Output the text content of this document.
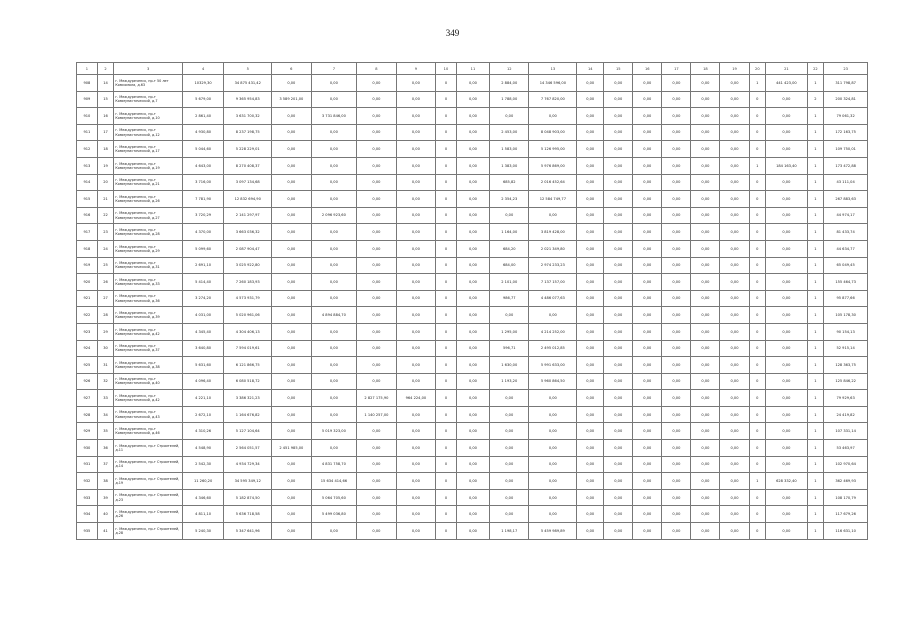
349
1	2	3	4	5	6	7	8	9	10	11	12	13	14	15	16	17	18	19	20	21	22	23
908	14	г. Междуреченск, пр-т 50 лет Комсомола, д.63	10329,30	34 875 431,42	0,00	0,00	0,00	0,00	0	0,00	2 884,00	14 346 596,00	0,00	0,00	0,00	0,00	0,00	0,00	1	441 423,00	1	311 798,87
909	15	г. Междуреченск, пр-т Коммунистический, д.7	5 679,00	9 365 954,83	3 589 201,00	0,00	0,00	0,00	0	0,00	1 788,00	7 767 820,00	0,00	0,00	0,00	0,00	0,00	0,00	0	0,00	2	200 324,81
910	16	г. Междуреченск, пр-т Коммунистический, д.10	2 861,40	3 631 700,32	0,00	3 731 846,00	0,00	0,00	0	0,00	0,00	0,00	0,00	0,00	0,00	0,00	0,00	0,00	0	0,00	1	79 061,32
911	17	г. Междуреченск, пр-т Коммунистический, д.12	4 930,80	8 237 198,75	0,00	0,00	0,00	0,00	0	0,00	2 453,00	8 048 903,00	0,00	0,00	0,00	0,00	0,00	0,00	0	0,00	1	172 163,75
912	18	г. Междуреченск, пр-т Коммунистический, д.17	5 044,60	5 228 229,01	0,00	0,00	0,00	0,00	0	0,00	1 583,00	5 126 995,00	0,00	0,00	0,00	0,00	0,00	0,00	0	0,00	1	109 750,01
913	19	г. Междуреченск, пр-т Коммунистический, д.19	4 643,00	8 270 408,37	0,00	0,00	0,00	0,00	0	0,00	1 383,00	5 976 869,00	0,00	0,00	0,00	0,00	0,00	0,00	1	184 163,40	1	173 472,88
914	20	г. Междуреченск, пр-т Коммунистический, д.21	3 716,00	3 097 134,68	0,00	0,00	0,00	0,00	0	0,00	685,82	2 016 452,64	0,00	0,00	0,00	0,00	0,00	0,00	0	0,00	1	43 111,04
915	21	г. Междуреченск, пр-т Коммунистический, д.26	7 781,90	12 832 694,90	0,00	0,00	0,00	0,00	0	0,00	2 354,23	12 584 749,77	0,00	0,00	0,00	0,00	0,00	0,00	0	0,00	1	267 883,63
916	22	г. Междуреченск, пр-т Коммунистический, д.27	3 720,29	2 141 297,97	0,00	2 096 923,60	0,00	0,00	0	0,00	0,00	0,00	0,00	0,00	0,00	0,00	0,00	0,00	0	0,00	1	44 974,17
917	23	г. Междуреченск, пр-т Коммунистический, д.28	4 370,00	3 663 036,32	0,00	0,00	0,00	0,00	0	0,00	1 164,00	3 819 428,00	0,00	0,00	0,00	0,00	0,00	0,00	0	0,00	1	81 433,74
918	24	г. Междуреченск, пр-т Коммунистический, д.29	5 099,60	2 087 904,47	0,00	0,00	0,00	0,00	0	0,00	684,20	2 021 349,80	0,00	0,00	0,00	0,00	0,00	0,00	0	0,00	1	44 634,77
919	25	г. Междуреченск, пр-т Коммунистический, д.31	2 691,10	3 025 922,80	0,00	0,00	0,00	0,00	0	0,00	684,00	2 974 233,23	0,00	0,00	0,00	0,00	0,00	0,00	0	0,00	1	65 049,45
920	26	г. Междуреченск, пр-т Коммунистический, д.33	5 414,40	7 260 183,93	0,00	0,00	0,00	0,00	0	0,00	2 101,00	7 137 157,00	0,00	0,00	0,00	0,00	0,00	0,00	0	0,00	1	155 464,73
921	27	г. Междуреченск, пр-т Коммунистический, д.36	3 274,20	4 573 931,79	0,00	0,00	0,00	0,00	0	0,00	986,77	4 486 077,63	0,00	0,00	0,00	0,00	0,00	0,00	0	0,00	1	95 877,66
922	28	г. Междуреченск, пр-т Коммунистический, д.39	4 031,00	5 020 961,06	0,00	4 894 884,70	0,00	0,00	0	0,00	0,00	0,00	0,00	0,00	0,00	0,00	0,00	0,00	0	0,00	1	105 178,30
923	29	г. Междуреченск, пр-т Коммунистический, д.42	4 345,40	4 304 406,13	0,00	0,00	0,00	0,00	0	0,00	1 295,00	4 214 252,00	0,00	0,00	0,00	0,00	0,00	0,00	0	0,00	1	90 154,13
924	30	г. Междуреченск, пр-т Коммунистический, д.37	3 640,80	7 594 019,61	0,00	0,00	0,00	0,00	0	0,00	596,71	2 495 012,85	0,00	0,00	0,00	0,00	0,00	0,00	0	0,00	1	52 915,14
925	31	г. Междуреченск, пр-т Коммунистический, д.38	5 631,60	6 121 866,75	0,00	0,00	0,00	0,00	0	0,00	1 630,00	5 991 633,00	0,00	0,00	0,00	0,00	0,00	0,00	0	0,00	1	128 363,75
926	32	г. Междуреченск, пр-т Коммунистический, д.40	4 096,40	6 080 518,72	0,00	0,00	0,00	0,00	0	0,00	1 193,20	5 960 864,50	0,00	0,00	0,00	0,00	0,00	0,00	0	0,00	1	125 846,22
927	33	г. Междуреченск, пр-т Коммунистический, д.42	4 221,10	3 386 321,23	0,00	0,00	2 827 175,90	964 224,00	0	0,00	0,00	0,00	0,00	0,00	0,00	0,00	0,00	0,00	0	0,00	1	79 929,63
928	34	г. Междуреченск, пр-т Коммунистический, д.43	2 672,10	1 164 676,82	0,00	0,00	1 140 257,00	0,00	0	0,00	0,00	0,00	0,00	0,00	0,00	0,00	0,00	0,00	0	0,00	1	24 419,82
929	35	г. Междуреченск, пр-т Коммунистический, д.46	4 310,26	5 127 104,64	0,00	5 019 323,00	0,00	0,00	0	0,00	0,00	0,00	0,00	0,00	0,00	0,00	0,00	0,00	0	0,00	1	107 331,14
930	36	г. Междуреченск, пр-т Строителей, д.11	4 548,90	2 564 051,57	2 451 985,00	0,00	0,00	0,00	0	0,00	0,00	0,00	0,00	0,00	0,00	0,00	0,00	0,00	0	0,00	1	53 463,97
931	37	г. Междуреченск, пр-т Строителей, д.14	2 542,30	4 934 729,34	0,00	4 831 758,70	0,00	0,00	0	0,00	0,00	0,00	0,00	0,00	0,00	0,00	0,00	0,00	0	0,00	1	102 970,64
932	38	г. Междуреченск, пр-т Строителей, д.19	11 260,20	34 595 349,12	0,00	15 634 414,66	0,00	0,00	0	0,00	0,00	0,00	0,00	0,00	0,00	0,00	0,00	0,00	1	628 332,40	1	362 469,93
933	39	г. Междуреченск, пр-т Строителей, д.23	4 346,60	5 182 874,50	0,00	5 064 705,60	0,00	0,00	0	0,00	0,00	0,00	0,00	0,00	0,00	0,00	0,00	0,00	0	0,00	1	108 170,79
934	40	г. Междуреченск, пр-т Строителей, д.26	4 811,10	5 636 718,58	0,00	5 499 036,80	0,00	0,00	0	0,00	0,00	0,00	0,00	0,00	0,00	0,00	0,00	0,00	0	0,00	1	117 679,26
935	41	г. Междуреченск, пр-т Строителей, д.28	5 240,30	5 347 641,96	0,00	0,00	0,00	0,00	0	0,00	1 198,17	5 459 989,89	0,00	0,00	0,00	0,00	0,00	0,00	0	0,00	1	116 631,10
